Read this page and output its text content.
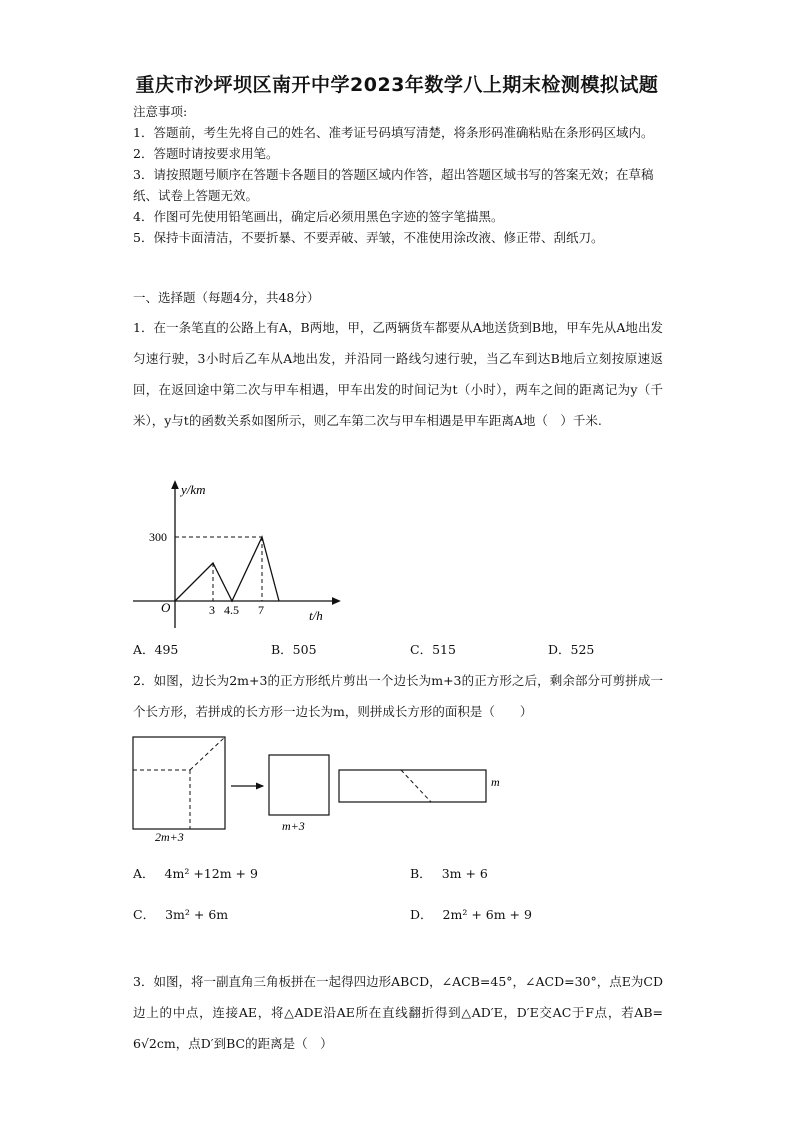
重庆市沙坪坝区南开中学2023年数学八上期末检测模拟试题

注意事项:

1．答题前，考生先将自己的姓名、准考证号码填写清楚，将条形码准确粘贴在条形码区域内。

2．答题时请按要求用笔。

3．请按照题号顺序在答题卡各题目的答题区域内作答，超出答题区域书写的答案无效；在草稿纸、试卷上答题无效。

4．作图可先使用铅笔画出，确定后必须用黑色字迹的签字笔描黑。

5．保持卡面清洁，不要折暴、不要弄破、弄皱，不准使用涂改液、修正带、刮纸刀。

一、选择题（每题4分，共48分）
1．在一条笔直的公路上有A，B两地，甲，乙两辆货车都要从A地送货到B地，甲车先从A地出发匀速行驶，3小时后乙车从A地出发，并沿同一路线匀速行驶，当乙车到达B地后立刻按原速返回，在返回途中第二次与甲车相遇，甲车出发的时间记为t（小时），两车之间的距离记为y（千米），y与t的函数关系如图所示，则乙车第二次与甲车相遇是甲车距离A地（　）千米.
y/km
t/h
O
300
3 4.5 7
A．495	B．505	C．515	D．525
2．如图，边长为2m+3的正方形纸片剪出一个边长为m+3的正方形之后，剩余部分可剪拼成一个长方形，若拼成的长方形一边长为m，则拼成长方形的面积是（　　）
2m+3
m+3
m
A． 4m² +12m + 9	B． 3m + 6
C． 3m² + 6m	D． 2m² + 6m + 9
3．如图，将一副直角三角板拼在一起得四边形ABCD，∠ACB=45°，∠ACD=30°，点E为CD边上的中点，连接AE，将△ADE沿AE所在直线翻折得到△AD′E，D′E交AC于F点，若AB= 6√2cm，点D′到BC的距离是（　）
